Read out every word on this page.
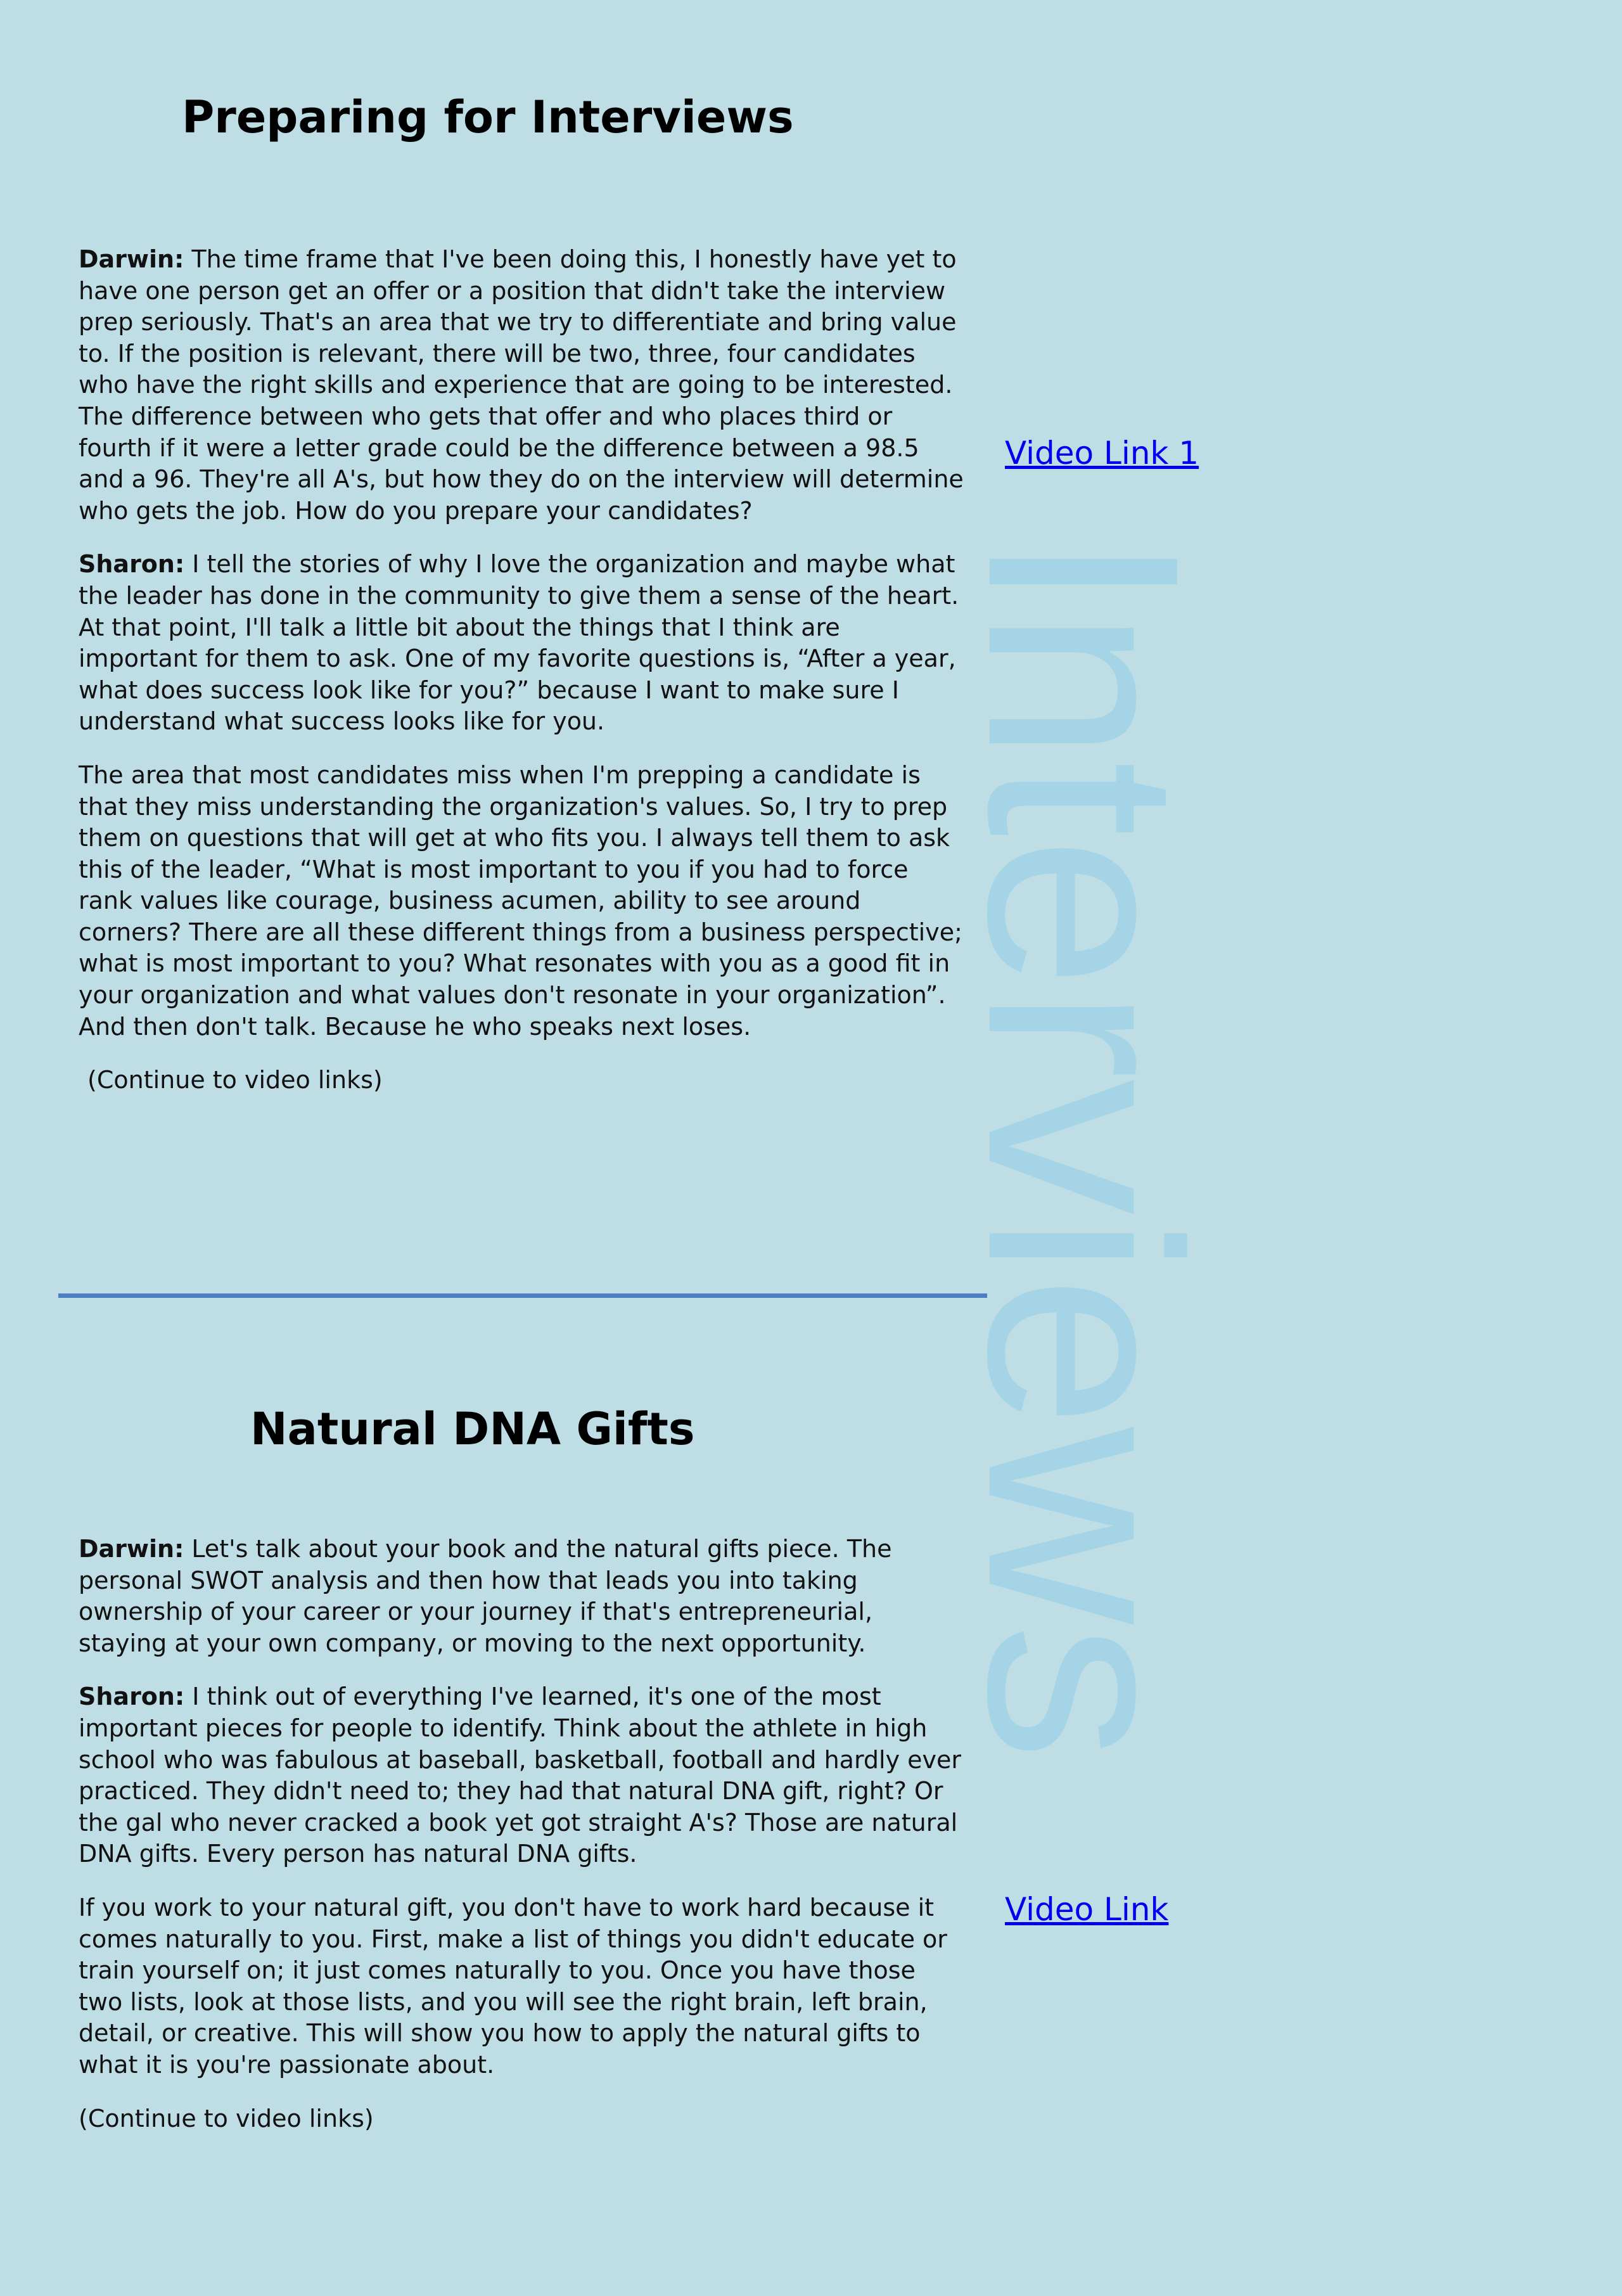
Preparing for Interviews

Darwin: The time frame that I've been doing this, I honestly have yet to have one person get an offer or a position that didn't take the interview prep seriously. That's an area that we try to differentiate and bring value to. If the position is relevant, there will be two, three, four candidates who have the right skills and experience that are going to be interested. The difference between who gets that offer and who places third or fourth if it were a letter grade could be the difference between a 98.5 and a 96. They're all A's, but how they do on the interview will determine who gets the job. How do you prepare your candidates?

Sharon: I tell the stories of why I love the organization and maybe what the leader has done in the community to give them a sense of the heart. At that point, I'll talk a little bit about the things that I think are important for them to ask. One of my favorite questions is, “After a year, what does success look like for you?” because I want to make sure I understand what success looks like for you.

The area that most candidates miss when I'm prepping a candidate is that they miss understanding the organization's values. So, I try to prep them on questions that will get at who fits you. I always tell them to ask this of the leader, “What is most important to you if you had to force rank values like courage, business acumen, ability to see around corners? There are all these different things from a business perspective; what is most important to you? What resonates with you as a good fit in your organization and what values don't resonate in your organization”. And then don't talk. Because he who speaks next loses.

(Continue to video links)

Video Link 1
Natural DNA Gifts

Darwin: Let's talk about your book and the natural gifts piece. The personal SWOT analysis and then how that leads you into taking ownership of your career or your journey if that's entrepreneurial, staying at your own company, or moving to the next opportunity.

Sharon: I think out of everything I've learned, it's one of the most important pieces for people to identify. Think about the athlete in high school who was fabulous at baseball, basketball, football and hardly ever practiced. They didn't need to; they had that natural DNA gift, right? Or the gal who never cracked a book yet got straight A's? Those are natural DNA gifts. Every person has natural DNA gifts.

If you work to your natural gift, you don't have to work hard because it comes naturally to you. First, make a list of things you didn't educate or train yourself on; it just comes naturally to you. Once you have those two lists, look at those lists, and you will see the right brain, left brain, detail, or creative. This will show you how to apply the natural gifts to what it is you're passionate about.

(Continue to video links)

Video Link
Interviews
